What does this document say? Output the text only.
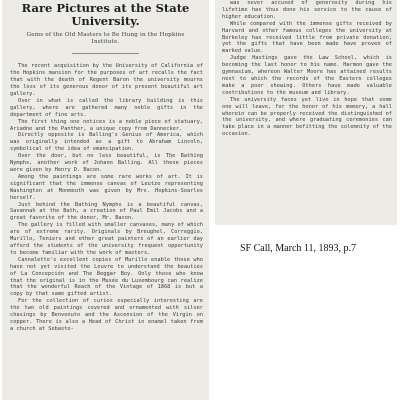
Rare Pictures at the State University.
Gems of the Old Masters to Be Hung in the Hopkins Institute.
The recent acquisition by the University of California of the Hopkins mansion for the purposes of art recalls the fact that with the death of Regent Baron the university mourns the loss of its generous donor of its present beautiful art gallery.
Over in what is called the library building is this gallery, where are gathered many noble gifts in the department of fine arts.
The first thing one notices is a noble piece of statuary, Ariadne and the Panther, a unique copy from Dannecker.
Directly opposite is Balling's Genius of America, which was originally intended as a gift to Abraham Lincoln, symbolical of the idea of emancipation.
Over the door, but no less beautiful, is The Bathing Nymphs, another work of Johann Balling. All these pieces were given by Henry D. Bacon.
Among the paintings are some rare works of art. It is significant that the immense canvas of Leutze representing Washington at Monmouth was given by Mrs. Hopkins-Searles herself.
Just behind the Bathing Nymphs is a beautiful canvas, Savannah at the Bath, a creation of Paul Emil Jacobs and a great favorite of the donor, Mr. Bacon.
The gallery is filled with smaller canvases, many of which are of extreme rarity. Originals by Breughel, Correggio, Murillo, Teniers and other great painters of an earlier day afford the students of the university frequent opportunity to become familiar with the work of masters.
Cannalette's excellent copies of Murillo enable those who have not yet visited the Louvre to understand the beauties of La Concepción and The Beggar Boy. Only those who know that the original is in the Musée du Luxembourg can realize that the wonderful Reach of the Vintage of 1868 is but a copy by that same gifted artist.
For the collection of curios especially interesting are the two old paintings covered and ornamented with silver chasings by Benvenuto and the Ascension of the Virgin on copper. There is also a Head of Christ in enamel taken from a church at Sebasto-
was never accused of generosity during his lifetime has thus done his service to the cause of higher education.
While compared with the immense gifts received by Harvard and other famous colleges the university at Berkeley has received little from private donation, yet the gifts that have been made have proven of marked value.
Judge Hastings gave the Law School, which is becoming the last honor to his name. Harmon gave the gymnasium, whereon Walter Moore has attained results next to which the records of the Eastern colleges make a poor showing. Others have made valuable contributions to the museum and library.
The university faces yet live in hope that some one will leave, for the honor of his memory, a hall wherein can be properly received the distinguished of the university, and where graduating ceremonies can take place in a manner befitting the solemnity of the occasion.
SF Call, March 11, 1893, p.7
